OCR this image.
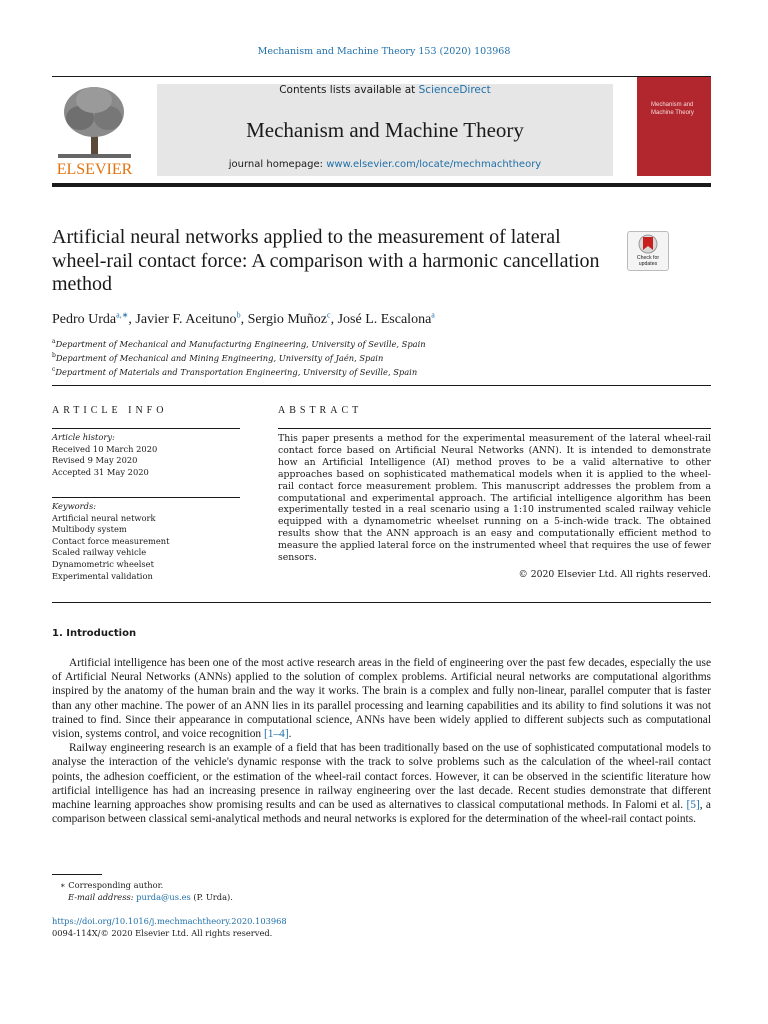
Mechanism and Machine Theory 153 (2020) 103968
ELSEVIER
Contents lists available at ScienceDirect
Mechanism and Machine Theory
journal homepage: www.elsevier.com/locate/mechmachtheory
Mechanism and Machine Theory
Artificial neural networks applied to the measurement of lateral wheel-rail contact force: A comparison with a harmonic cancellation method
Check for updates
Pedro Urda$^{a,∗}$, Javier F. Aceituno$^b$, Sergio Muñoz$^c$, José L. Escalona$^a$
$^a$Department of Mechanical and Manufacturing Engineering, University of Seville, Spain
$^b$Department of Mechanical and Mining Engineering, University of Jaén, Spain
$^c$Department of Materials and Transportation Engineering, University of Seville, Spain
ARTICLE INFO
Article history:
Received 10 March 2020
Revised 9 May 2020
Accepted 31 May 2020
Keywords:
Artificial neural network
Multibody system
Contact force measurement
Scaled railway vehicle
Dynamometric wheelset
Experimental validation
ABSTRACT
This paper presents a method for the experimental measurement of the lateral wheel-rail contact force based on Artificial Neural Networks (ANN). It is intended to demonstrate how an Artificial Intelligence (AI) method proves to be a valid alternative to other approaches based on sophisticated mathematical models when it is applied to the wheel-rail contact force measurement problem. This manuscript addresses the problem from a computational and experimental approach. The artificial intelligence algorithm has been experimentally tested in a real scenario using a 1:10 instrumented scaled railway vehicle equipped with a dynamometric wheelset running on a 5-inch-wide track. The obtained results show that the ANN approach is an easy and computationally efficient method to measure the applied lateral force on the instrumented wheel that requires the use of fewer sensors.
© 2020 Elsevier Ltd. All rights reserved.
1. Introduction

Artificial intelligence has been one of the most active research areas in the field of engineering over the past few decades, especially the use of Artificial Neural Networks (ANNs) applied to the solution of complex problems. Artificial neural networks are computational algorithms inspired by the anatomy of the human brain and the way it works. The brain is a complex and fully non-linear, parallel computer that is faster than any other machine. The power of an ANN lies in its parallel processing and learning capabilities and its ability to find solutions it was not trained to find. Since their appearance in computational science, ANNs have been widely applied to different subjects such as computational vision, systems control, and voice recognition [1–4].

Railway engineering research is an example of a field that has been traditionally based on the use of sophisticated computational models to analyse the interaction of the vehicle's dynamic response with the track to solve problems such as the calculation of the wheel-rail contact points, the adhesion coefficient, or the estimation of the wheel-rail contact forces. However, it can be observed in the scientific literature how artificial intelligence has had an increasing presence in railway engineering over the last decade. Recent studies demonstrate that different machine learning approaches show promising results and can be used as alternatives to classical computational methods. In Falomi et al. [5], a comparison between classical semi-analytical methods and neural networks is explored for the determination of the wheel-rail contact points.

∗ Corresponding author.
E-mail address: purda@us.es (P. Urda).
https://doi.org/10.1016/j.mechmachtheory.2020.103968
0094-114X/© 2020 Elsevier Ltd. All rights reserved.
